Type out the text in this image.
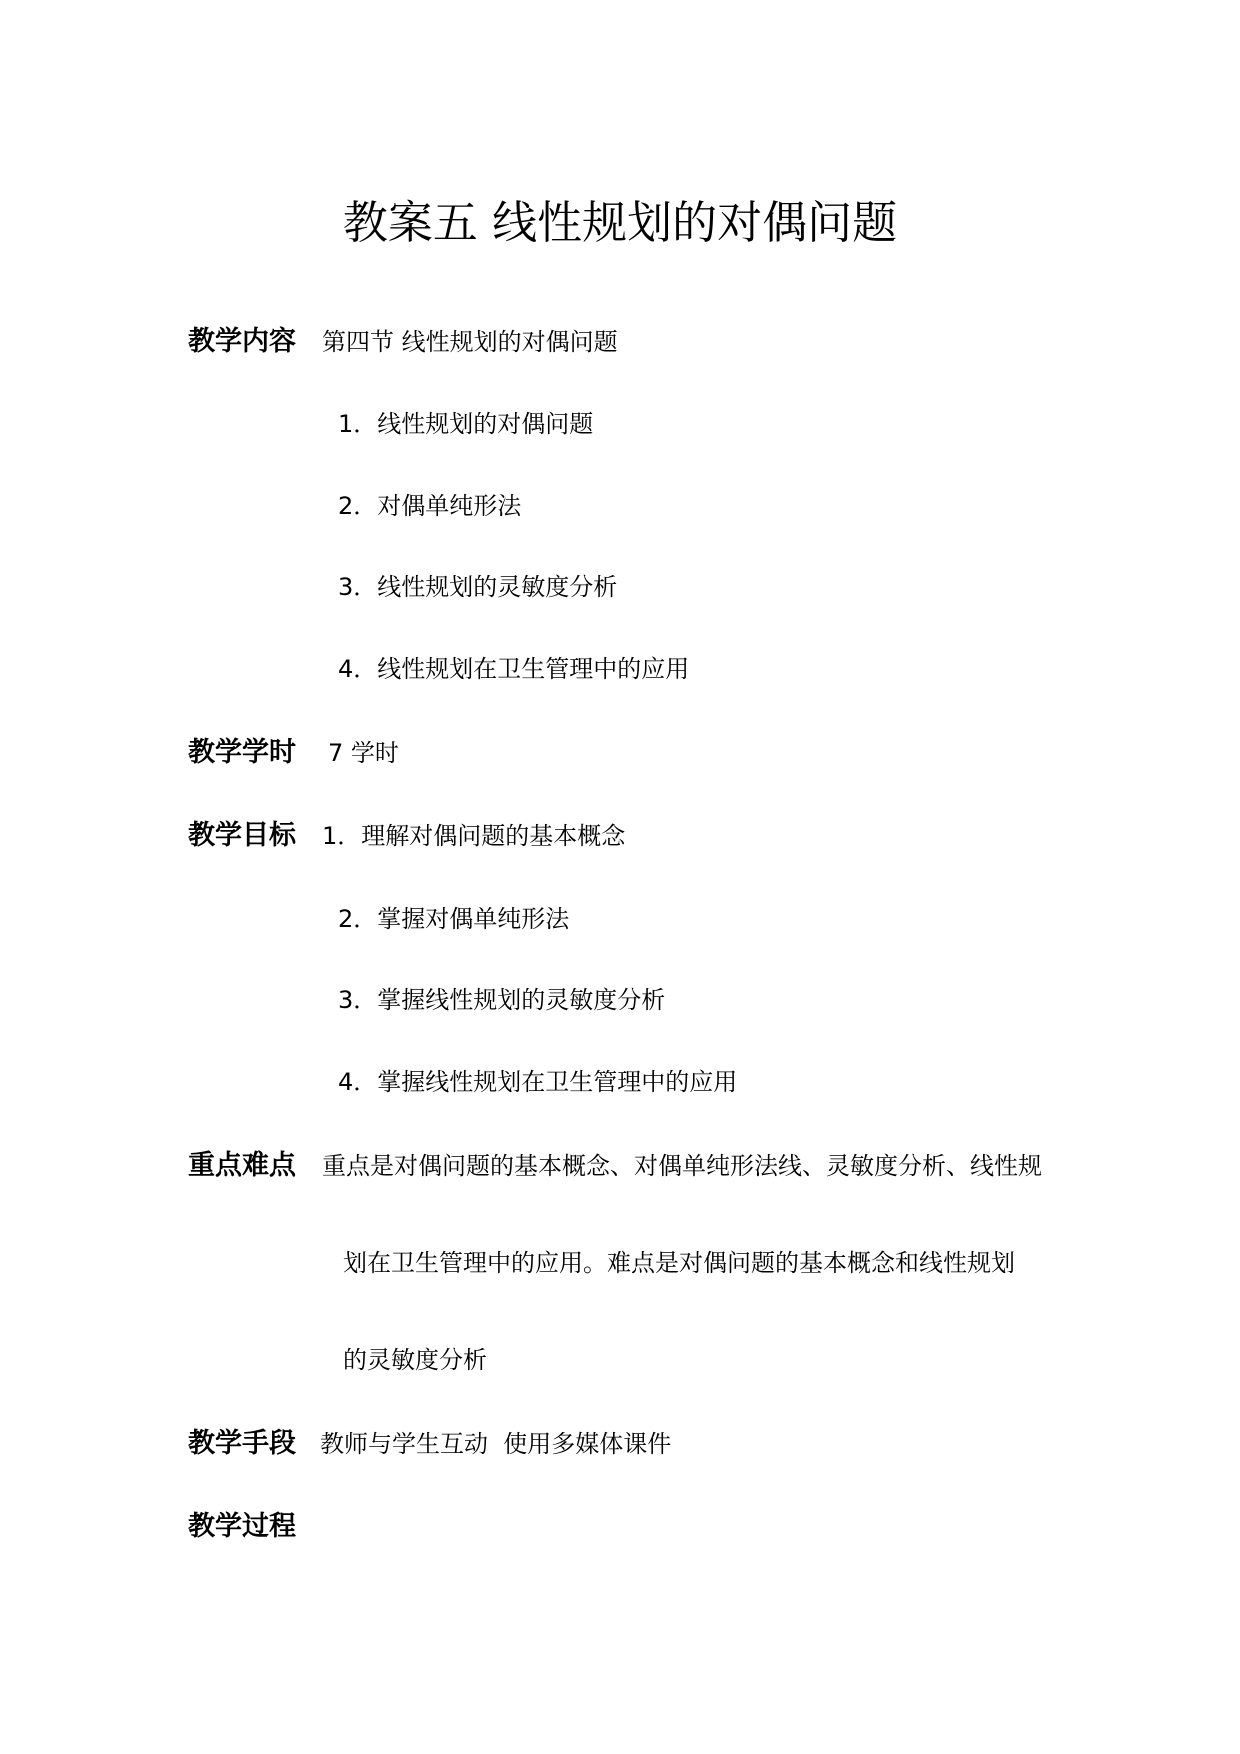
教案五 线性规划的对偶问题
教学内容 第四节 线性规划的对偶问题
1．线性规划的对偶问题
2．对偶单纯形法
3．线性规划的灵敏度分析
4．线性规划在卫生管理中的应用
教学学时 7 学时
教学目标 1．理解对偶问题的基本概念
2．掌握对偶单纯形法
3．掌握线性规划的灵敏度分析
4．掌握线性规划在卫生管理中的应用
重点难点 重点是对偶问题的基本概念、对偶单纯形法线、灵敏度分析、线性规
划在卫生管理中的应用。难点是对偶问题的基本概念和线性规划
的灵敏度分析
教学手段 教师与学生互动  使用多媒体课件
教学过程
